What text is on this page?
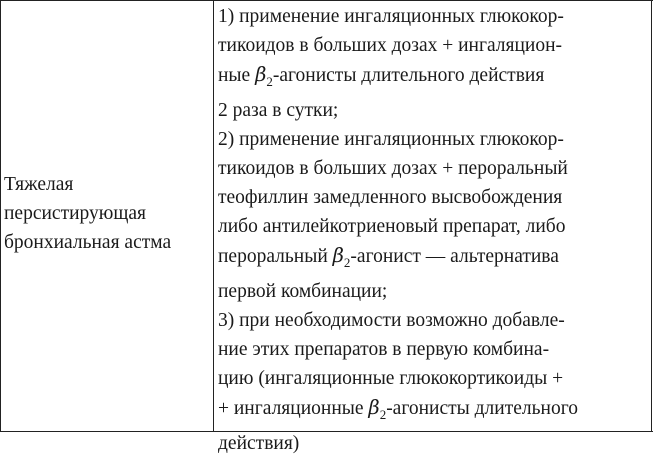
Тяжелая
персистирующая
бронхиальная астма
1) применение ингаляционных глюкокор-
тикоидов в больших дозах + ингаляцион-
ные $\beta_2$-агонисты длительного действия
2 раза в сутки;
2) применение ингаляционных глюкокор-
тикоидов в больших дозах + пероральный
теофиллин замедленного высвобождения
либо антилейкотриеновый препарат, либо
пероральный $\beta_2$-агонист — альтернатива
первой комбинации;
3) при необходимости возможно добавле-
ние этих препаратов в первую комбина-
цию (ингаляционные глюкокортикоиды +
+ ингаляционные $\beta_2$-агонисты длительного
действия)
